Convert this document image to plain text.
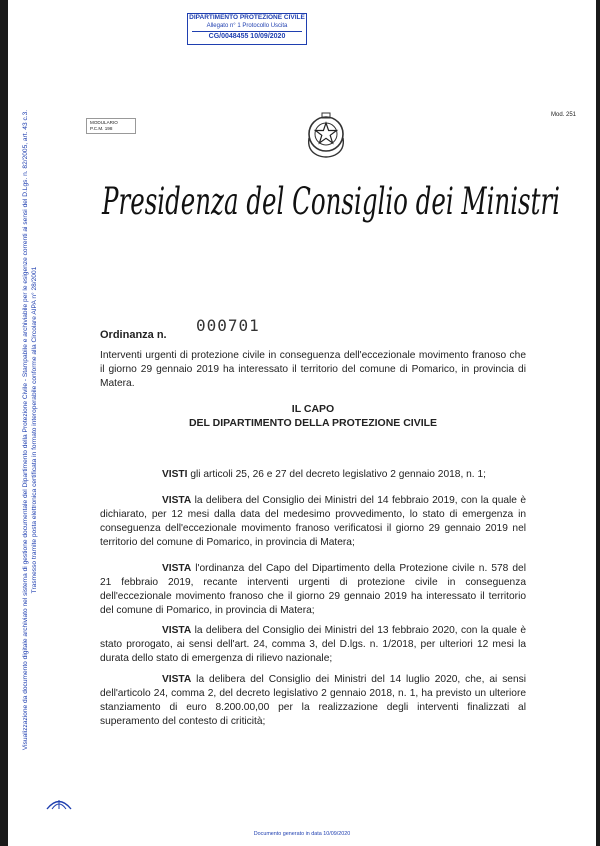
Visualizzazione da documento digitale archiviato nel sistema di gestione documentale del Dipartimento della Protezione Civile - Stampabile e archiviabile per le esigenze correnti ai sensi del D.Lgs. n. 82/2005, art. 43 c.3. Trasmesso tramite posta elettronica certificata in formato interoperabile conforme alla Circolare AIPA n° 28/2001
DIPARTIMENTO PROTEZIONE CIVILE
Allegato n° 1 Protocollo Uscita
CG/0048455 10/09/2020
MODULARIO
P.C.M. 198
Mod. 251
Presidenza del Consiglio dei Ministri
Ordinanza n. 000701
Interventi urgenti di protezione civile in conseguenza dell'eccezionale movimento franoso che il giorno 29 gennaio 2019 ha interessato il territorio del comune di Pomarico, in provincia di Matera.
IL CAPO
DEL DIPARTIMENTO DELLA PROTEZIONE CIVILE
VISTI gli articoli 25, 26 e 27 del decreto legislativo 2 gennaio 2018, n. 1;
VISTA la delibera del Consiglio dei Ministri del 14 febbraio 2019, con la quale è dichiarato, per 12 mesi dalla data del medesimo provvedimento, lo stato di emergenza in conseguenza dell'eccezionale movimento franoso verificatosi il giorno 29 gennaio 2019 nel territorio del comune di Pomarico, in provincia di Matera;
VISTA l'ordinanza del Capo del Dipartimento della Protezione civile n. 578 del 21 febbraio 2019, recante interventi urgenti di protezione civile in conseguenza dell'eccezionale movimento franoso che il giorno 29 gennaio 2019 ha interessato il territorio del comune di Pomarico, in provincia di Matera;
VISTA la delibera del Consiglio dei Ministri del 13 febbraio 2020, con la quale è stato prorogato, ai sensi dell'art. 24, comma 3, del D.lgs. n. 1/2018, per ulteriori 12 mesi la durata dello stato di emergenza di rilievo nazionale;
VISTA la delibera del Consiglio dei Ministri del 14 luglio 2020, che, ai sensi dell'articolo 24, comma 2, del decreto legislativo 2 gennaio 2018, n. 1, ha previsto un ulteriore stanziamento di euro 8.200.00,00 per la realizzazione degli interventi finalizzati al superamento del contesto di criticità;
Documento generato in data 10/09/2020
